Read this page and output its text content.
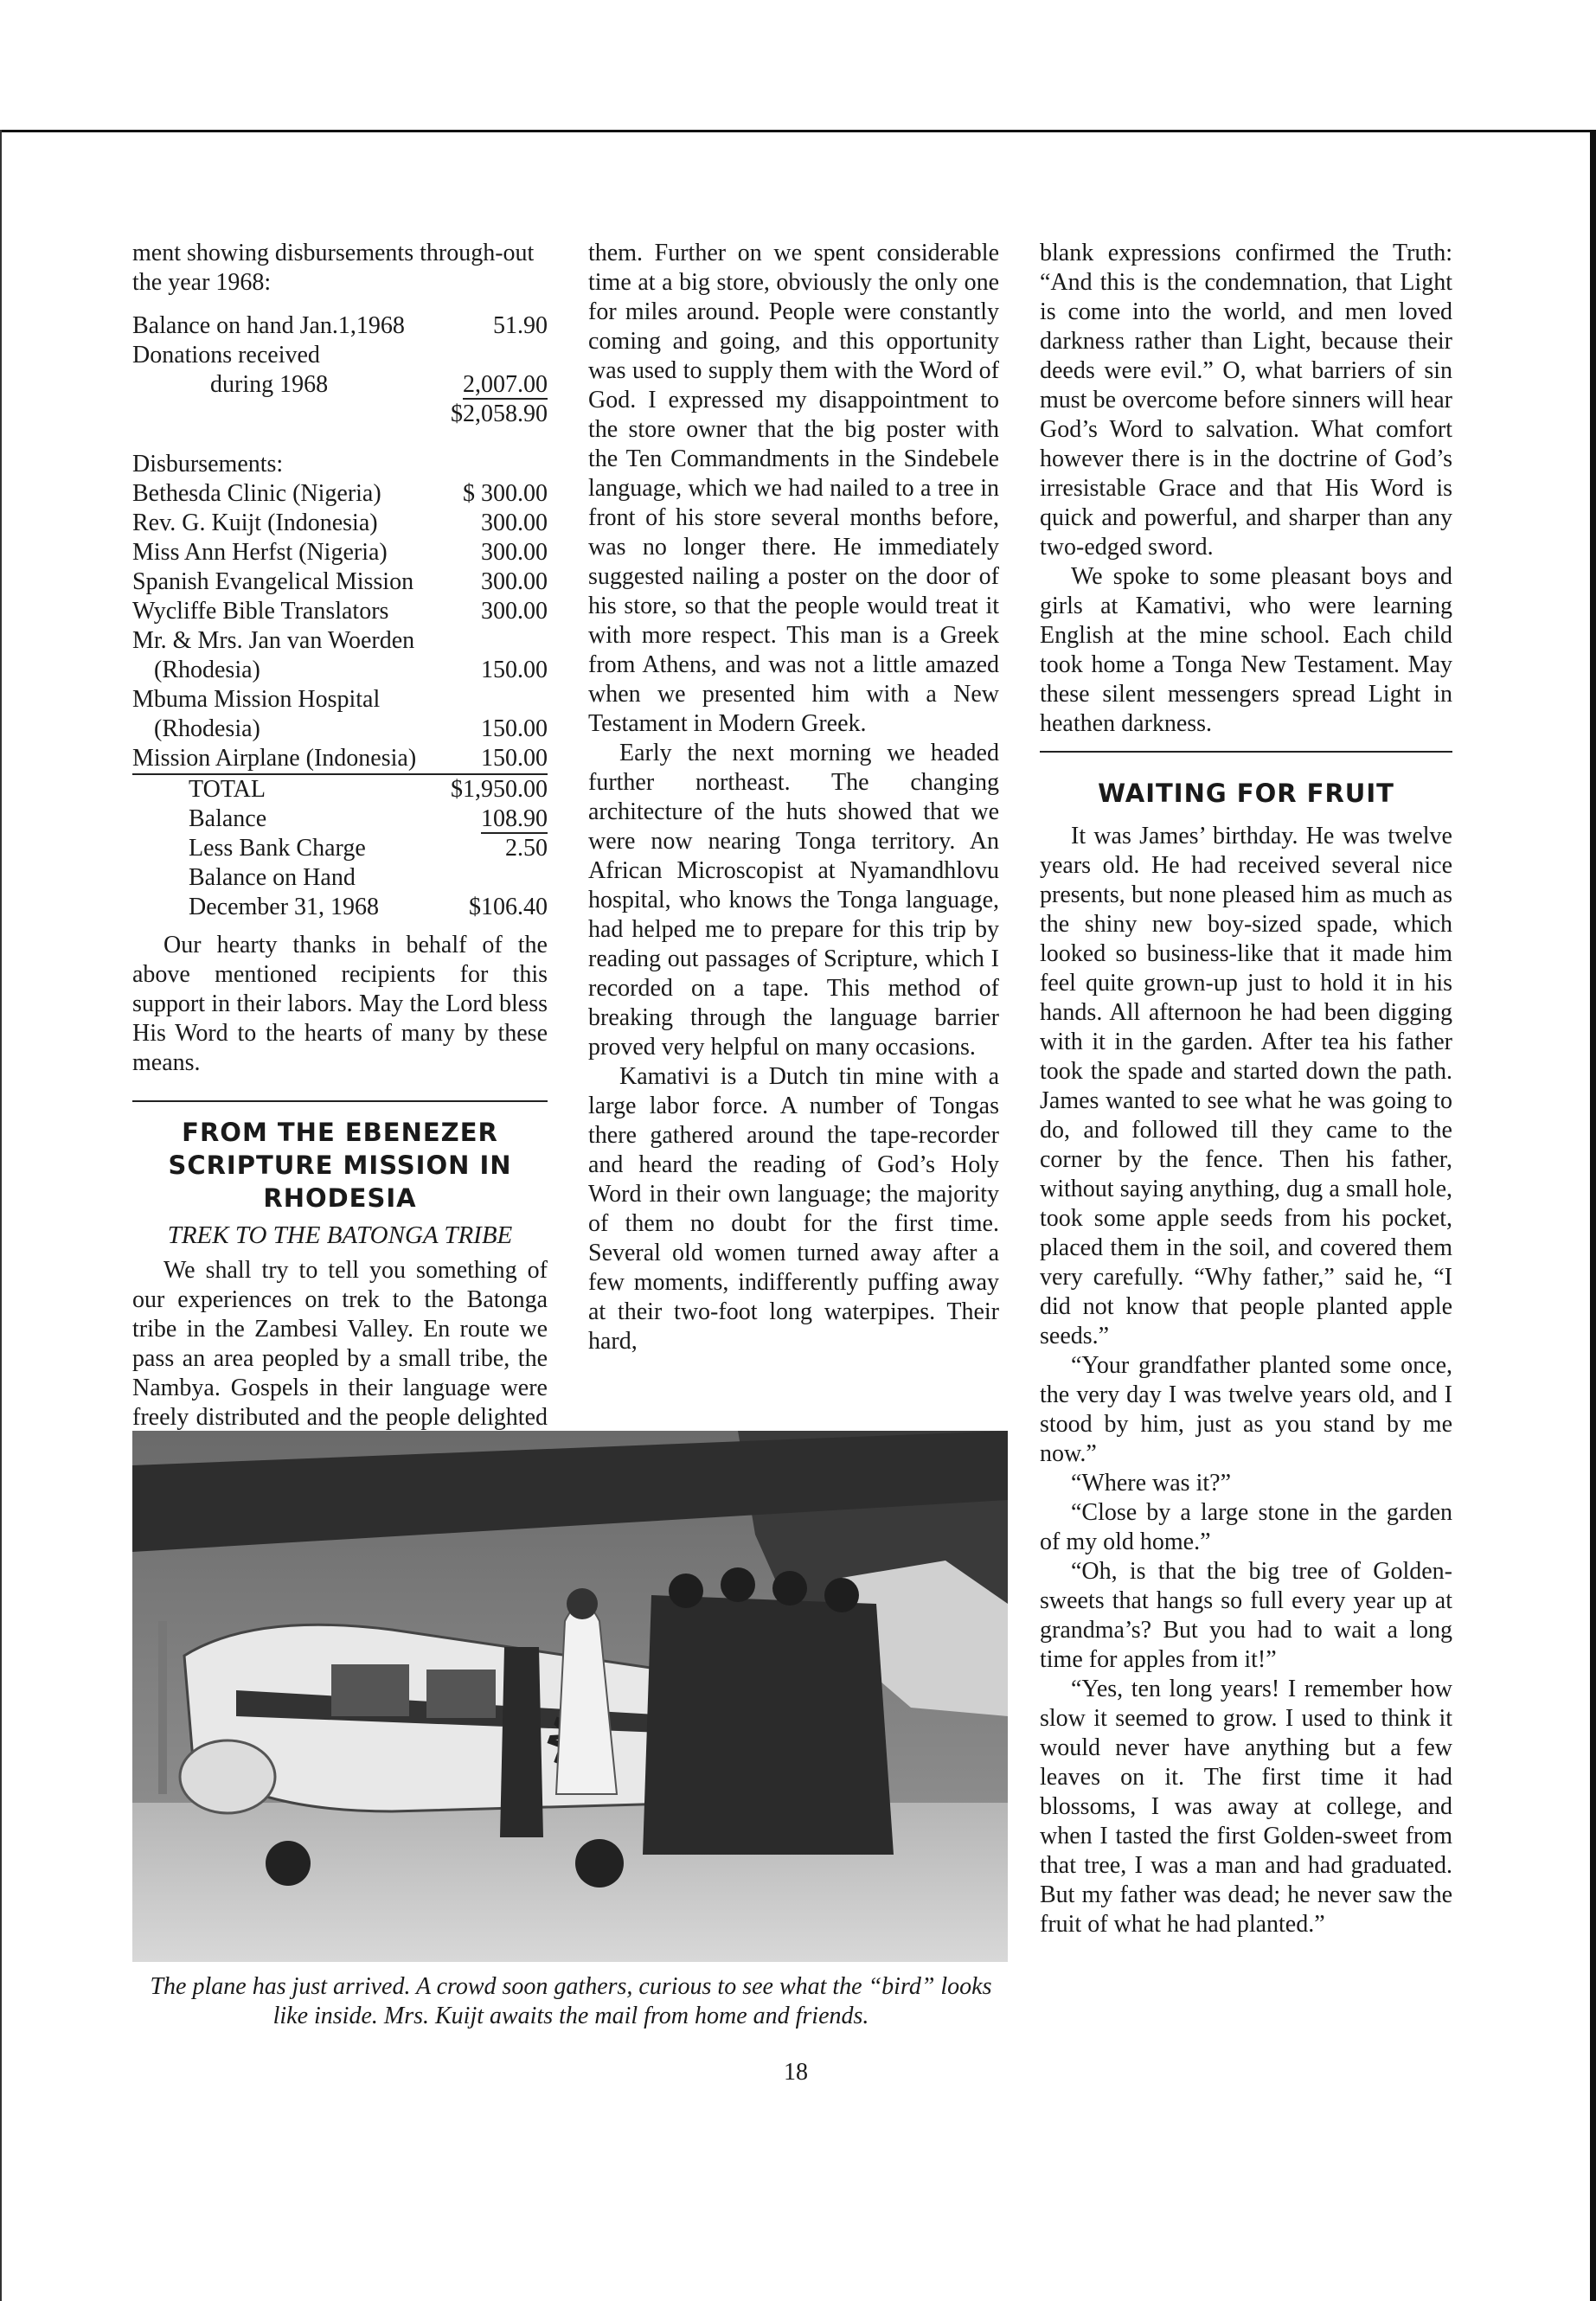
ment showing disbursements through-out the year 1968:

Balance on hand Jan.1,1968	51.90
Donations received
during 1968	2,007.00
$2,058.90
Disbursements:
Bethesda Clinic (Nigeria)	$ 300.00
Rev. G. Kuijt (Indonesia)	300.00
Miss Ann Herfst (Nigeria)	300.00
Spanish Evangelical Mission	300.00
Wycliffe Bible Translators	300.00
Mr. & Mrs. Jan van Woerden
(Rhodesia)	150.00
Mbuma Mission Hospital
(Rhodesia)	150.00
Mission Airplane (Indonesia)	150.00
TOTAL	$1,950.00
Balance	108.90
Less Bank Charge	2.50
Balance on Hand
December 31, 1968	$106.40

Our hearty thanks in behalf of the above mentioned recipients for this support in their labors. May the Lord bless His Word to the hearts of many by these means.

FROM THE EBENEZER SCRIPTURE MISSION IN RHODESIA
TREK TO THE BATONGA TRIBE

We shall try to tell you something of our experiences on trek to the Batonga tribe in the Zambesi Valley. En route we pass an area peopled by a small tribe, the Nambya. Gospels in their language were freely distributed and the people delighted

them. Further on we spent considerable time at a big store, obviously the only one for miles around. People were constantly coming and going, and this opportunity was used to supply them with the Word of God. I expressed my disappointment to the store owner that the big poster with the Ten Commandments in the Sindebele language, which we had nailed to a tree in front of his store several months before, was no longer there. He immediately suggested nailing a poster on the door of his store, so that the people would treat it with more respect. This man is a Greek from Athens, and was not a little amazed when we presented him with a New Testament in Modern Greek.

Early the next morning we headed further northeast. The changing architecture of the huts showed that we were now nearing Tonga territory. An African Microscopist at Nyamandhlovu hospital, who knows the Tonga language, had helped me to prepare for this trip by reading out passages of Scripture, which I recorded on a tape. This method of breaking through the language barrier proved very helpful on many occasions.

Kamativi is a Dutch tin mine with a large labor force. A number of Tongas there gathered around the tape-recorder and heard the reading of God’s Holy Word in their own language; the majority of them no doubt for the first time. Several old women turned away after a few moments, indifferently puffing away at their two-foot long waterpipes. Their hard,

blank expressions confirmed the Truth: “And this is the condemnation, that Light is come into the world, and men loved darkness rather than Light, because their deeds were evil.” O, what barriers of sin must be overcome before sinners will hear God’s Word to salvation. What comfort however there is in the doctrine of God’s irresistable Grace and that His Word is quick and powerful, and sharper than any two-edged sword.

We spoke to some pleasant boys and girls at Kamativi, who were learning English at the mine school. Each child took home a Tonga New Testament. May these silent messengers spread Light in heathen darkness.

WAITING FOR FRUIT

It was James’ birthday. He was twelve years old. He had received several nice presents, but none pleased him as much as the shiny new boy-sized spade, which looked so business-like that it made him feel quite grown-up just to hold it in his hands. All afternoon he had been digging with it in the garden. After tea his father took the spade and started down the path. James wanted to see what he was going to do, and followed till they came to the corner by the fence. Then his father, without saying anything, dug a small hole, took some apple seeds from his pocket, placed them in the soil, and covered them very carefully. “Why father,” said he, “I did not know that people planted apple seeds.”

“Your grandfather planted some once, the very day I was twelve years old, and I stood by him, just as you stand by me now.”

“Where was it?”

“Close by a large stone in the garden of my old home.”

“Oh, is that the big tree of Golden-sweets that hangs so full every year up at grandma’s? But you had to wait a long time for apples from it!”

“Yes, ten long years! I remember how slow it seemed to grow. I used to think it would never have anything but a few leaves on it. The first time it had blossoms, I was away at college, and when I tasted the first Golden-sweet from that tree, I was a man and had graduated. But my father was dead; he never saw the fruit of what he had planted.”

The plane has just arrived. A crowd soon gathers, curious to see what the “bird” looks like inside. Mrs. Kuijt awaits the mail from home and friends.
18
